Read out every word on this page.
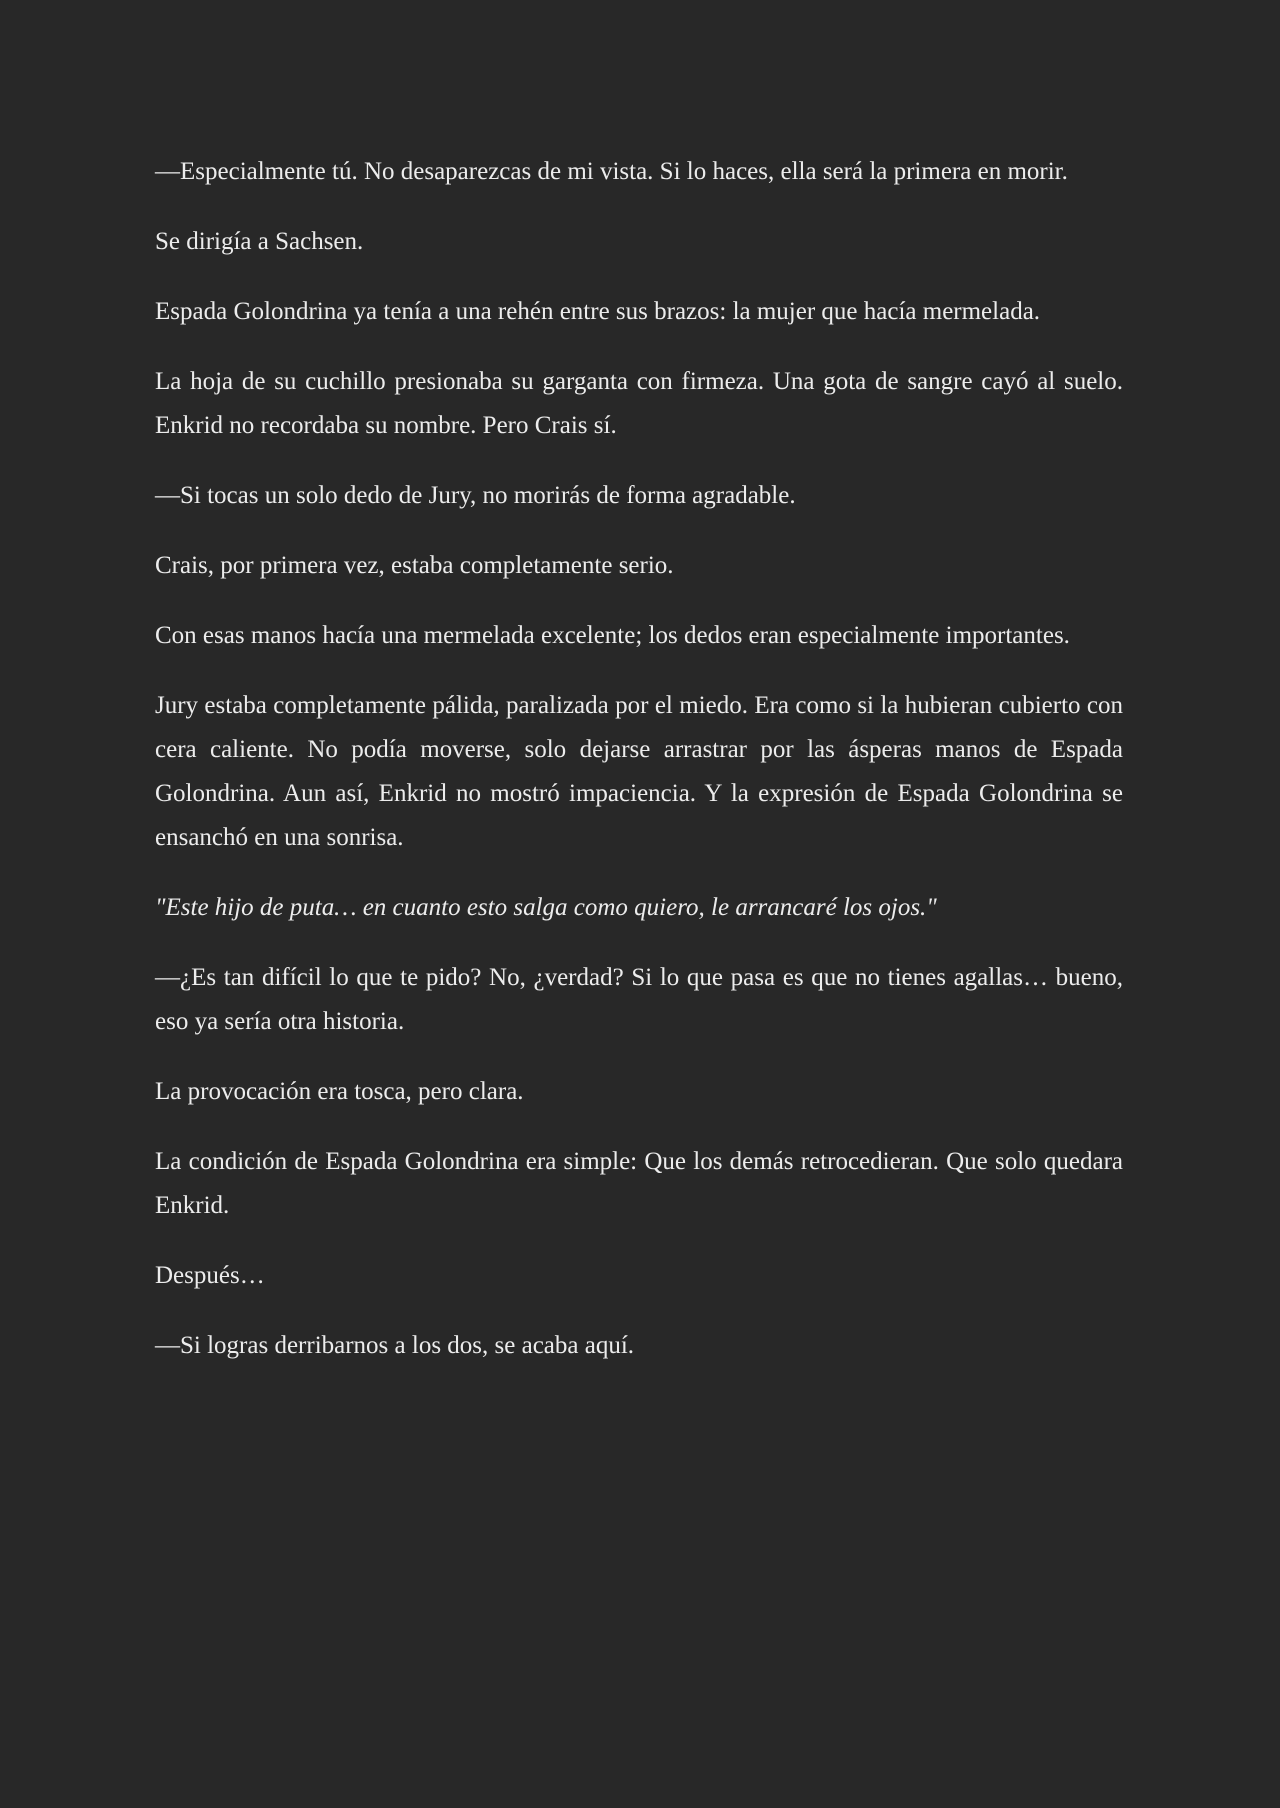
—Especialmente tú. No desaparezcas de mi vista. Si lo haces, ella será la primera en morir.

Se dirigía a Sachsen.

Espada Golondrina ya tenía a una rehén entre sus brazos: la mujer que hacía mermelada.

La hoja de su cuchillo presionaba su garganta con firmeza. Una gota de sangre cayó al suelo. Enkrid no recordaba su nombre. Pero Crais sí.

—Si tocas un solo dedo de Jury, no morirás de forma agradable.

Crais, por primera vez, estaba completamente serio.

Con esas manos hacía una mermelada excelente; los dedos eran especialmente importantes.

Jury estaba completamente pálida, paralizada por el miedo. Era como si la hubieran cubierto con cera caliente. No podía moverse, solo dejarse arrastrar por las ásperas manos de Espada Golondrina. Aun así, Enkrid no mostró impaciencia. Y la expresión de Espada Golondrina se ensanchó en una sonrisa.

"Este hijo de puta… en cuanto esto salga como quiero, le arrancaré los ojos."

—¿Es tan difícil lo que te pido? No, ¿verdad? Si lo que pasa es que no tienes agallas… bueno, eso ya sería otra historia.

La provocación era tosca, pero clara.

La condición de Espada Golondrina era simple: Que los demás retrocedieran. Que solo quedara Enkrid.

Después…

—Si logras derribarnos a los dos, se acaba aquí.
